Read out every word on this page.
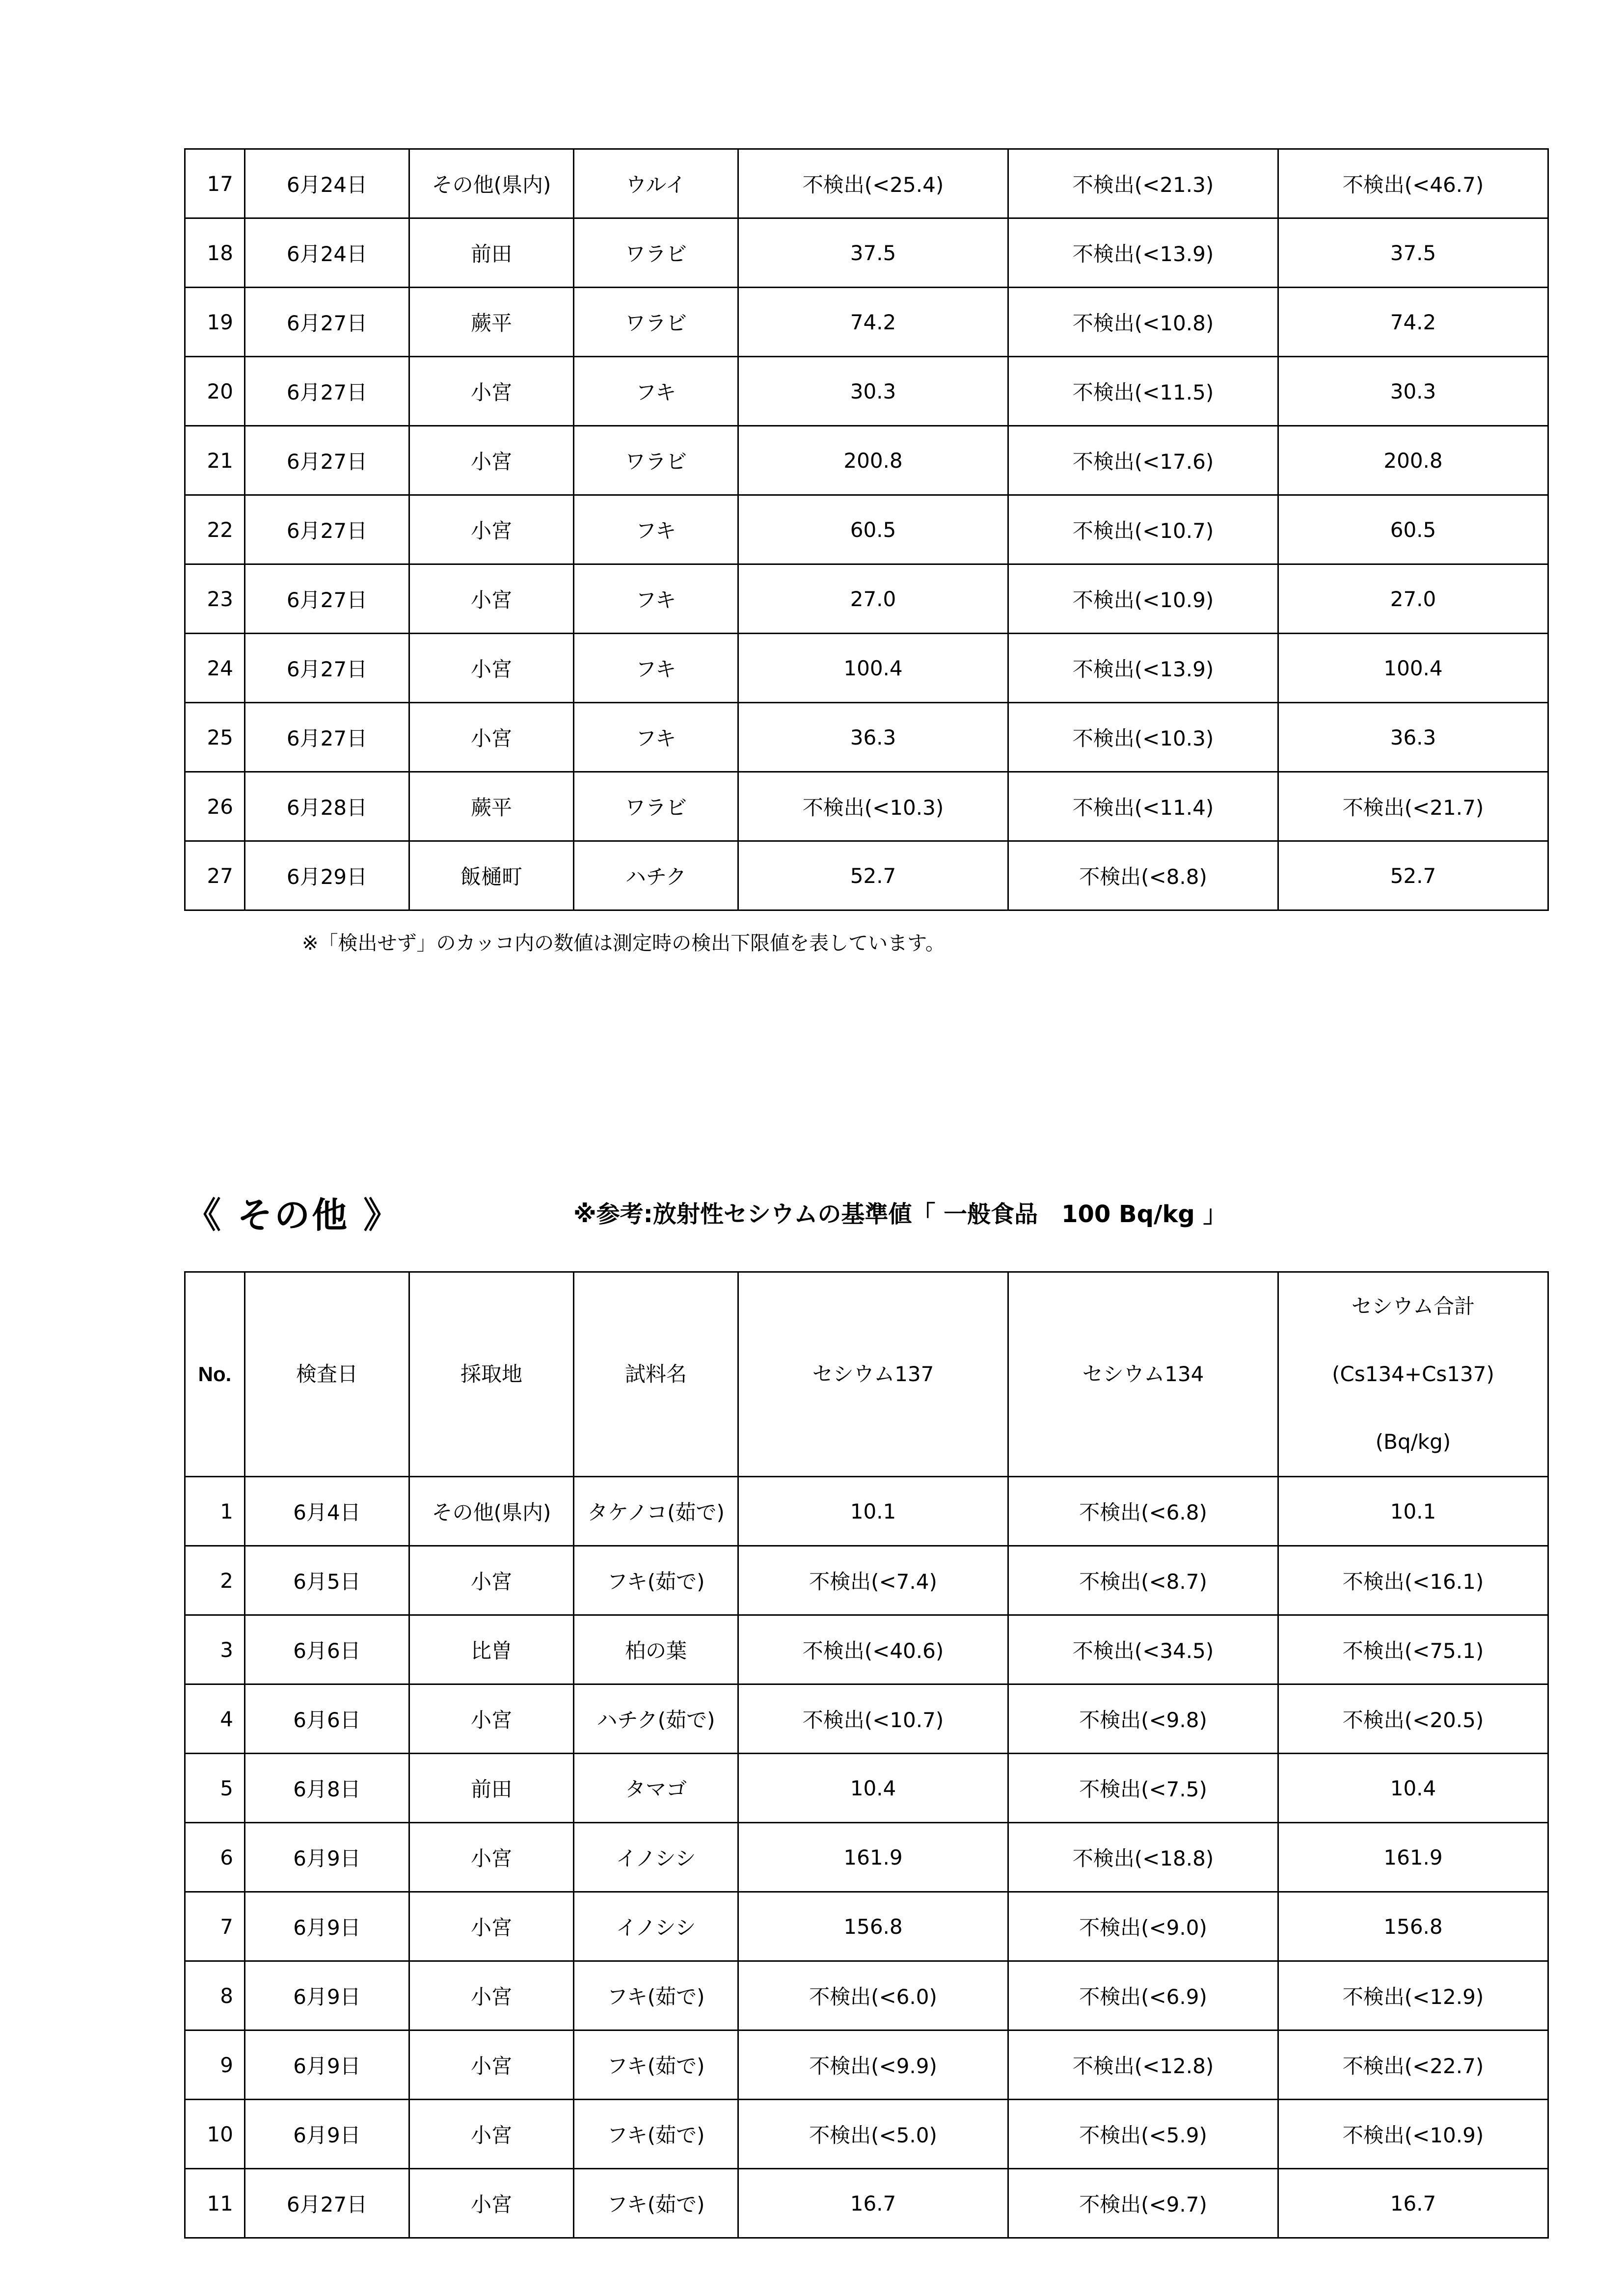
17	6月24日	その他(県内)	ウルイ	不検出(<25.4)	不検出(<21.3)	不検出(<46.7)
18	6月24日	前田	ワラビ	37.5	不検出(<13.9)	37.5
19	6月27日	蕨平	ワラビ	74.2	不検出(<10.8)	74.2
20	6月27日	小宮	フキ	30.3	不検出(<11.5)	30.3
21	6月27日	小宮	ワラビ	200.8	不検出(<17.6)	200.8
22	6月27日	小宮	フキ	60.5	不検出(<10.7)	60.5
23	6月27日	小宮	フキ	27.0	不検出(<10.9)	27.0
24	6月27日	小宮	フキ	100.4	不検出(<13.9)	100.4
25	6月27日	小宮	フキ	36.3	不検出(<10.3)	36.3
26	6月28日	蕨平	ワラビ	不検出(<10.3)	不検出(<11.4)	不検出(<21.7)
27	6月29日	飯樋町	ハチク	52.7	不検出(<8.8)	52.7
※「検出せず」のカッコ内の数値は測定時の検出下限値を表しています。
《 その他 》	※参考:放射性セシウムの基準値「 一般食品　100 Bq/kg 」
No.	検査日	採取地	試料名	セシウム137	セシウム134	セシウム合計
(Cs134+Cs137)
(Bq/kg)

1	6月4日	その他(県内)	タケノコ(茹で)	10.1	不検出(<6.8)	10.1
2	6月5日	小宮	フキ(茹で)	不検出(<7.4)	不検出(<8.7)	不検出(<16.1)
3	6月6日	比曽	柏の葉	不検出(<40.6)	不検出(<34.5)	不検出(<75.1)
4	6月6日	小宮	ハチク(茹で)	不検出(<10.7)	不検出(<9.8)	不検出(<20.5)
5	6月8日	前田	タマゴ	10.4	不検出(<7.5)	10.4
6	6月9日	小宮	イノシシ	161.9	不検出(<18.8)	161.9
7	6月9日	小宮	イノシシ	156.8	不検出(<9.0)	156.8
8	6月9日	小宮	フキ(茹で)	不検出(<6.0)	不検出(<6.9)	不検出(<12.9)
9	6月9日	小宮	フキ(茹で)	不検出(<9.9)	不検出(<12.8)	不検出(<22.7)
10	6月9日	小宮	フキ(茹で)	不検出(<5.0)	不検出(<5.9)	不検出(<10.9)
11	6月27日	小宮	フキ(茹で)	16.7	不検出(<9.7)	16.7
